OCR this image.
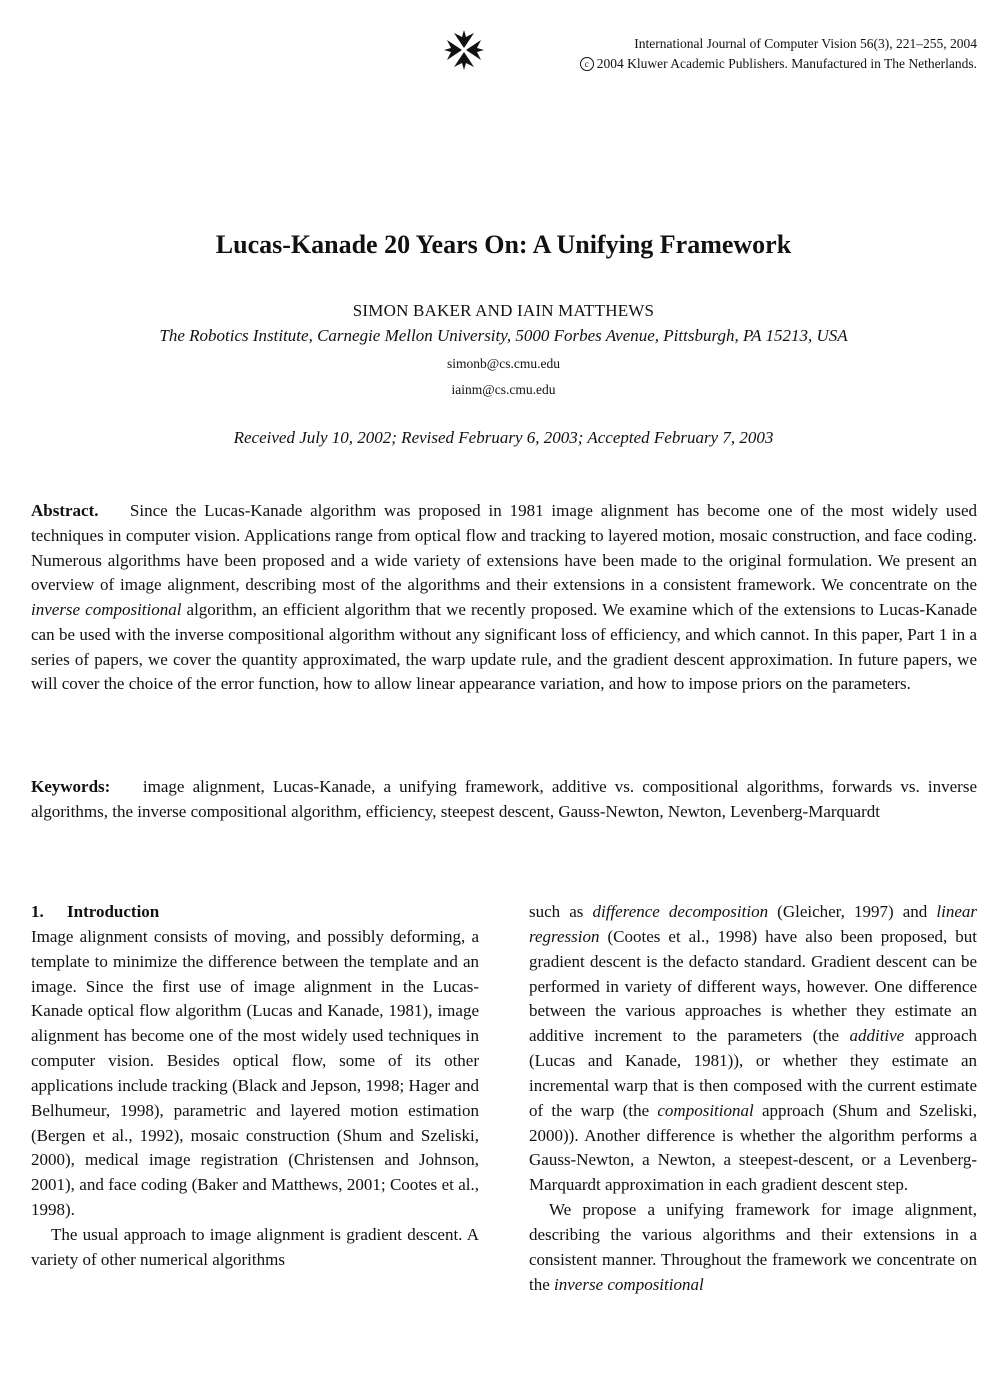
International Journal of Computer Vision 56(3), 221–255, 2004
c 2004 Kluwer Academic Publishers. Manufactured in The Netherlands.
Lucas-Kanade 20 Years On: A Unifying Framework
SIMON BAKER AND IAIN MATTHEWS
The Robotics Institute, Carnegie Mellon University, 5000 Forbes Avenue, Pittsburgh, PA 15213, USA
simonb@cs.cmu.edu
iainm@cs.cmu.edu
Received July 10, 2002; Revised February 6, 2003; Accepted February 7, 2003

Abstract. Since the Lucas-Kanade algorithm was proposed in 1981 image alignment has become one of the most widely used techniques in computer vision. Applications range from optical flow and tracking to layered motion, mosaic construction, and face coding. Numerous algorithms have been proposed and a wide variety of extensions have been made to the original formulation. We present an overview of image alignment, describing most of the algorithms and their extensions in a consistent framework. We concentrate on the inverse compositional algorithm, an efficient algorithm that we recently proposed. We examine which of the extensions to Lucas-Kanade can be used with the inverse compositional algorithm without any significant loss of efficiency, and which cannot. In this paper, Part 1 in a series of papers, we cover the quantity approximated, the warp update rule, and the gradient descent approximation. In future papers, we will cover the choice of the error function, how to allow linear appearance variation, and how to impose priors on the parameters.

Keywords: image alignment, Lucas-Kanade, a unifying framework, additive vs. compositional algorithms, forwards vs. inverse algorithms, the inverse compositional algorithm, efficiency, steepest descent, Gauss-Newton, Newton, Levenberg-Marquardt

1. Introduction

Image alignment consists of moving, and possibly deforming, a template to minimize the difference between the template and an image. Since the first use of image alignment in the Lucas-Kanade optical flow algorithm (Lucas and Kanade, 1981), image alignment has become one of the most widely used techniques in computer vision. Besides optical flow, some of its other applications include tracking (Black and Jepson, 1998; Hager and Belhumeur, 1998), parametric and layered motion estimation (Bergen et al., 1992), mosaic construction (Shum and Szeliski, 2000), medical image registration (Christensen and Johnson, 2001), and face coding (Baker and Matthews, 2001; Cootes et al., 1998).

The usual approach to image alignment is gradient descent. A variety of other numerical algorithms

such as difference decomposition (Gleicher, 1997) and linear regression (Cootes et al., 1998) have also been proposed, but gradient descent is the defacto standard. Gradient descent can be performed in variety of different ways, however. One difference between the various approaches is whether they estimate an additive increment to the parameters (the additive approach (Lucas and Kanade, 1981)), or whether they estimate an incremental warp that is then composed with the current estimate of the warp (the compositional approach (Shum and Szeliski, 2000)). Another difference is whether the algorithm performs a Gauss-Newton, a Newton, a steepest-descent, or a Levenberg-Marquardt approximation in each gradient descent step.

We propose a unifying framework for image alignment, describing the various algorithms and their extensions in a consistent manner. Throughout the framework we concentrate on the inverse compositional
